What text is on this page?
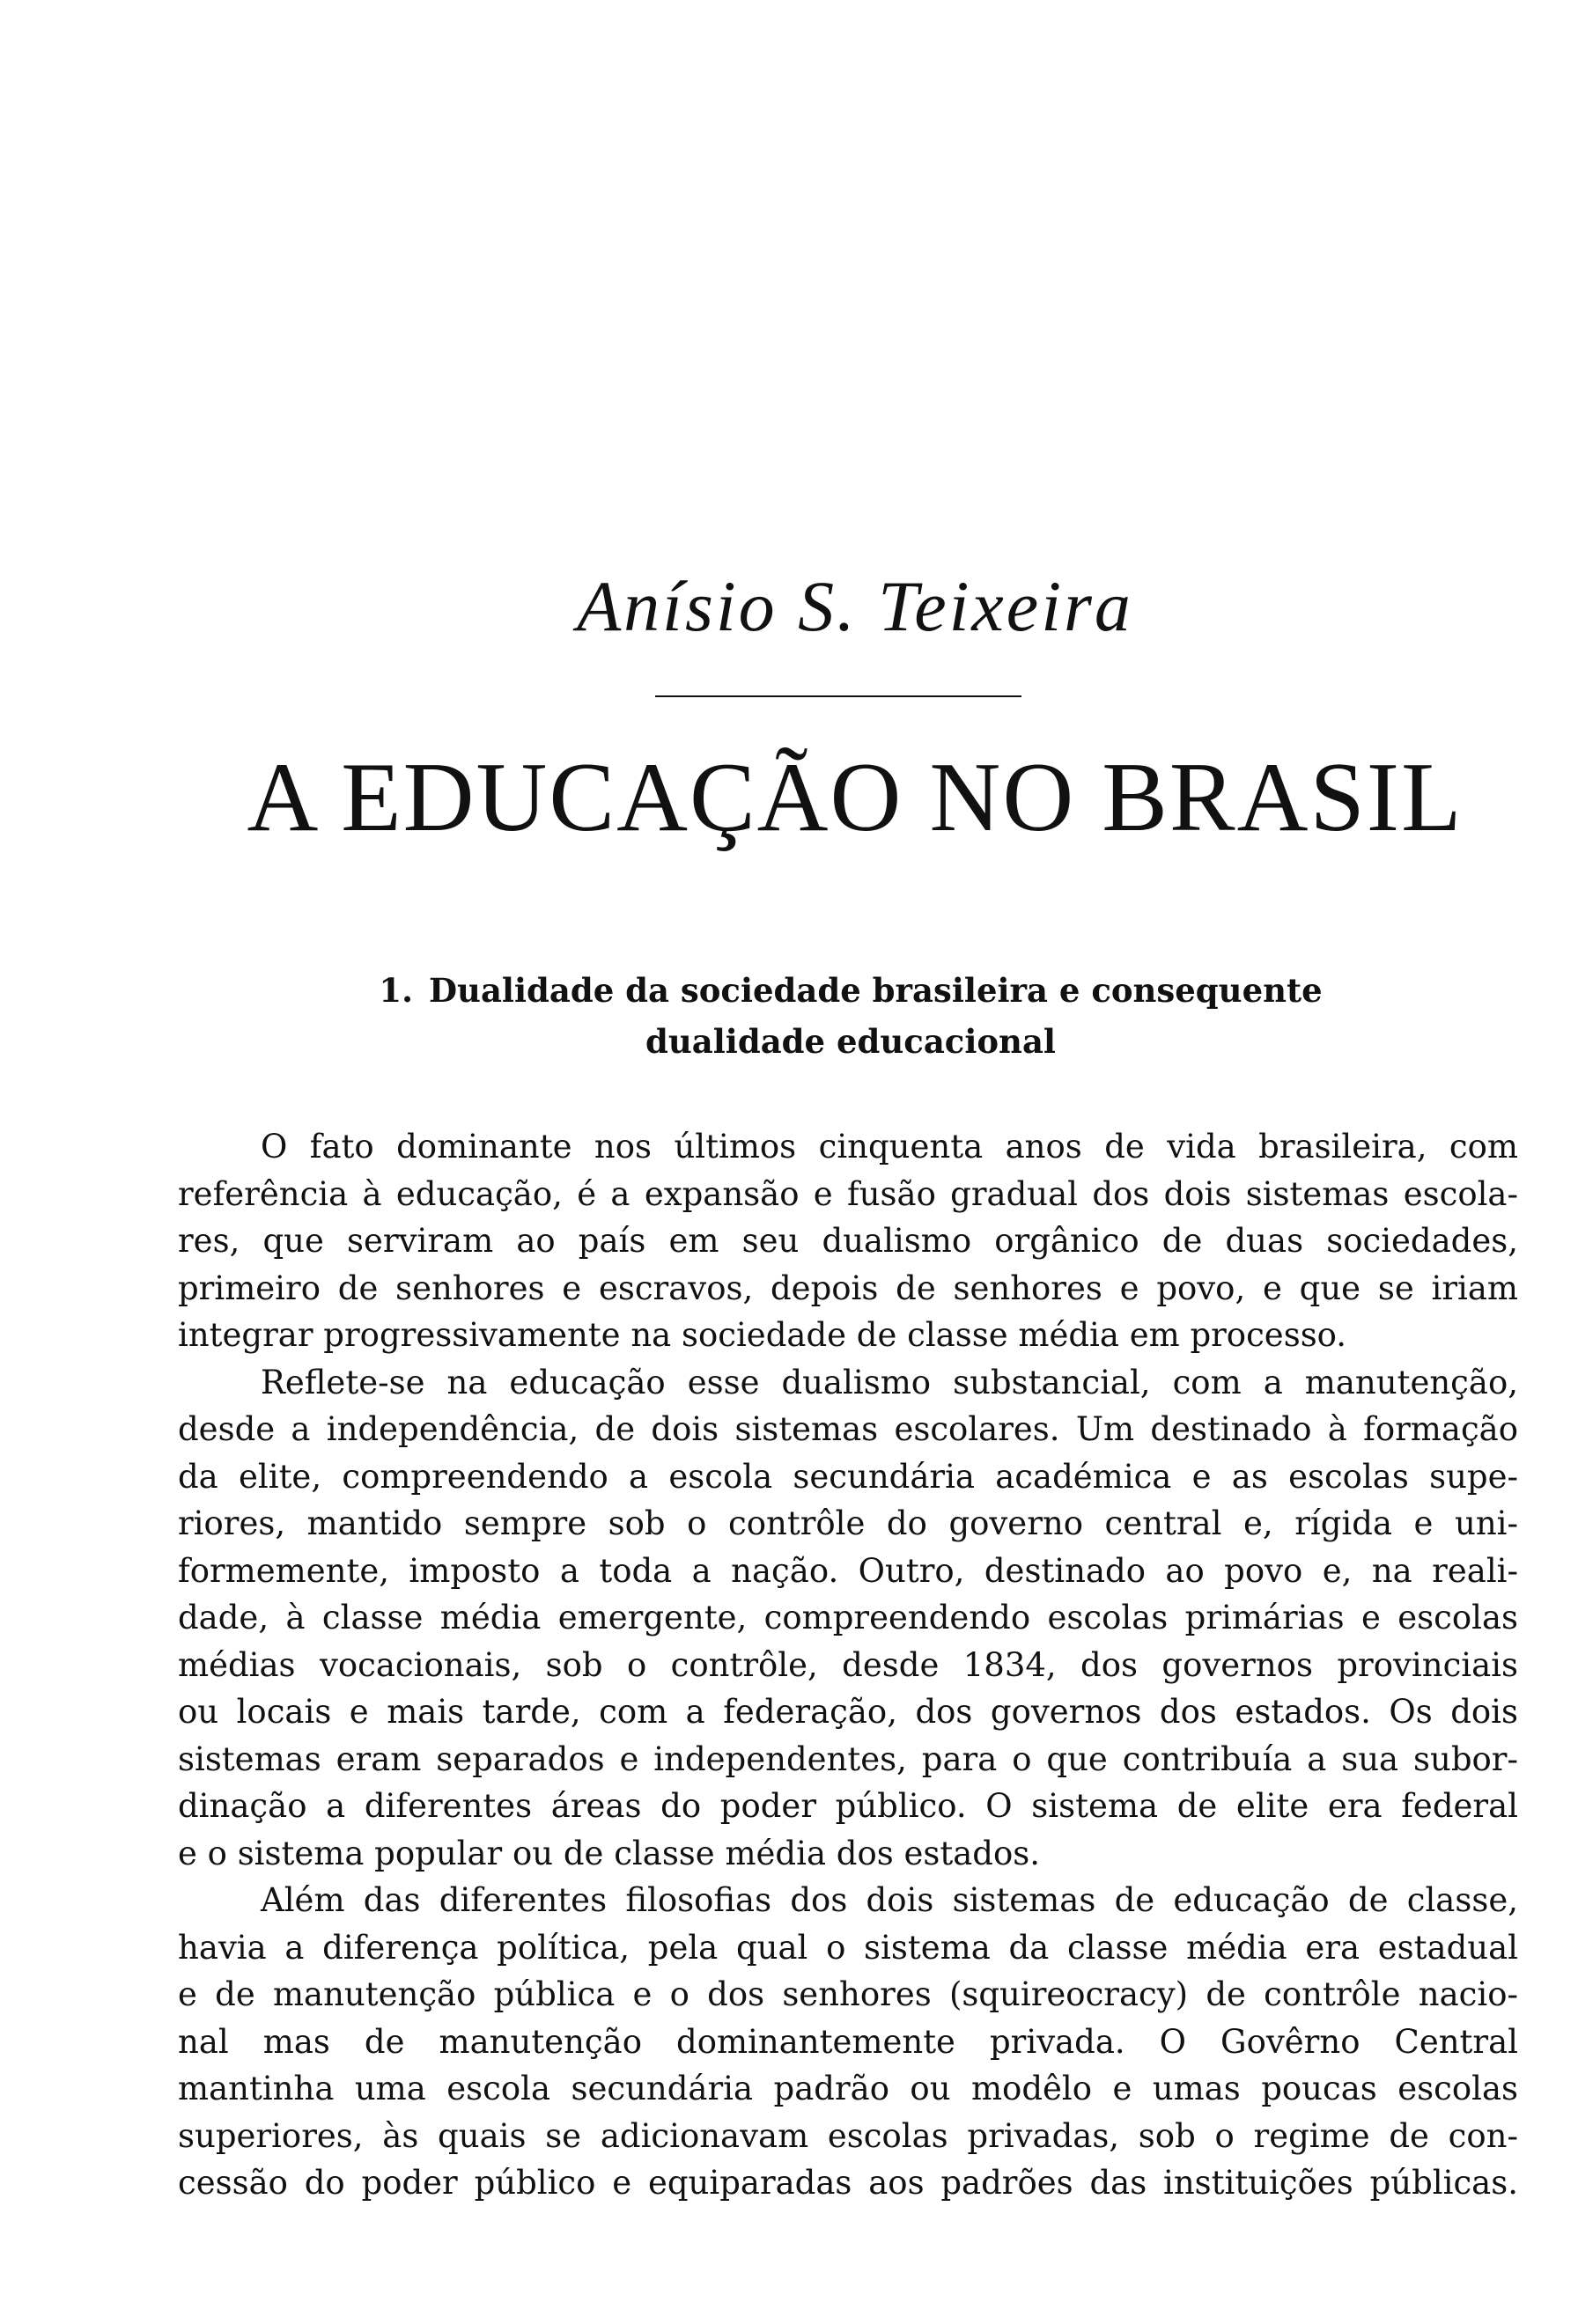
Anísio S. Teixeira
A EDUCAÇÃO NO BRASIL
1. Dualidade da sociedade brasileira e consequente
dualidade educacional
O fato dominante nos últimos cinquenta anos de vida brasileira, com
referência à educação, é a expansão e fusão gradual dos dois sistemas escola-
res, que serviram ao país em seu dualismo orgânico de duas sociedades,
primeiro de senhores e escravos, depois de senhores e povo, e que se iriam
integrar progressivamente na sociedade de classe média em processo.
Reflete-se na educação esse dualismo substancial, com a manutenção,
desde a independência, de dois sistemas escolares. Um destinado à formação
da elite, compreendendo a escola secundária académica e as escolas supe-
riores, mantido sempre sob o contrôle do governo central e, rígida e uni-
formemente, imposto a toda a nação. Outro, destinado ao povo e, na reali-
dade, à classe média emergente, compreendendo escolas primárias e escolas
médias vocacionais, sob o contrôle, desde 1834, dos governos provinciais
ou locais e mais tarde, com a federação, dos governos dos estados. Os dois
sistemas eram separados e independentes, para o que contribuía a sua subor-
dinação a diferentes áreas do poder público. O sistema de elite era federal
e o sistema popular ou de classe média dos estados.
Além das diferentes filosofias dos dois sistemas de educação de classe,
havia a diferença política, pela qual o sistema da classe média era estadual
e de manutenção pública e o dos senhores (squireocracy) de contrôle nacio-
nal mas de manutenção dominantemente privada. O Govêrno Central
mantinha uma escola secundária padrão ou modêlo e umas poucas escolas
superiores, às quais se adicionavam escolas privadas, sob o regime de con-
cessão do poder público e equiparadas aos padrões das instituições públicas.
